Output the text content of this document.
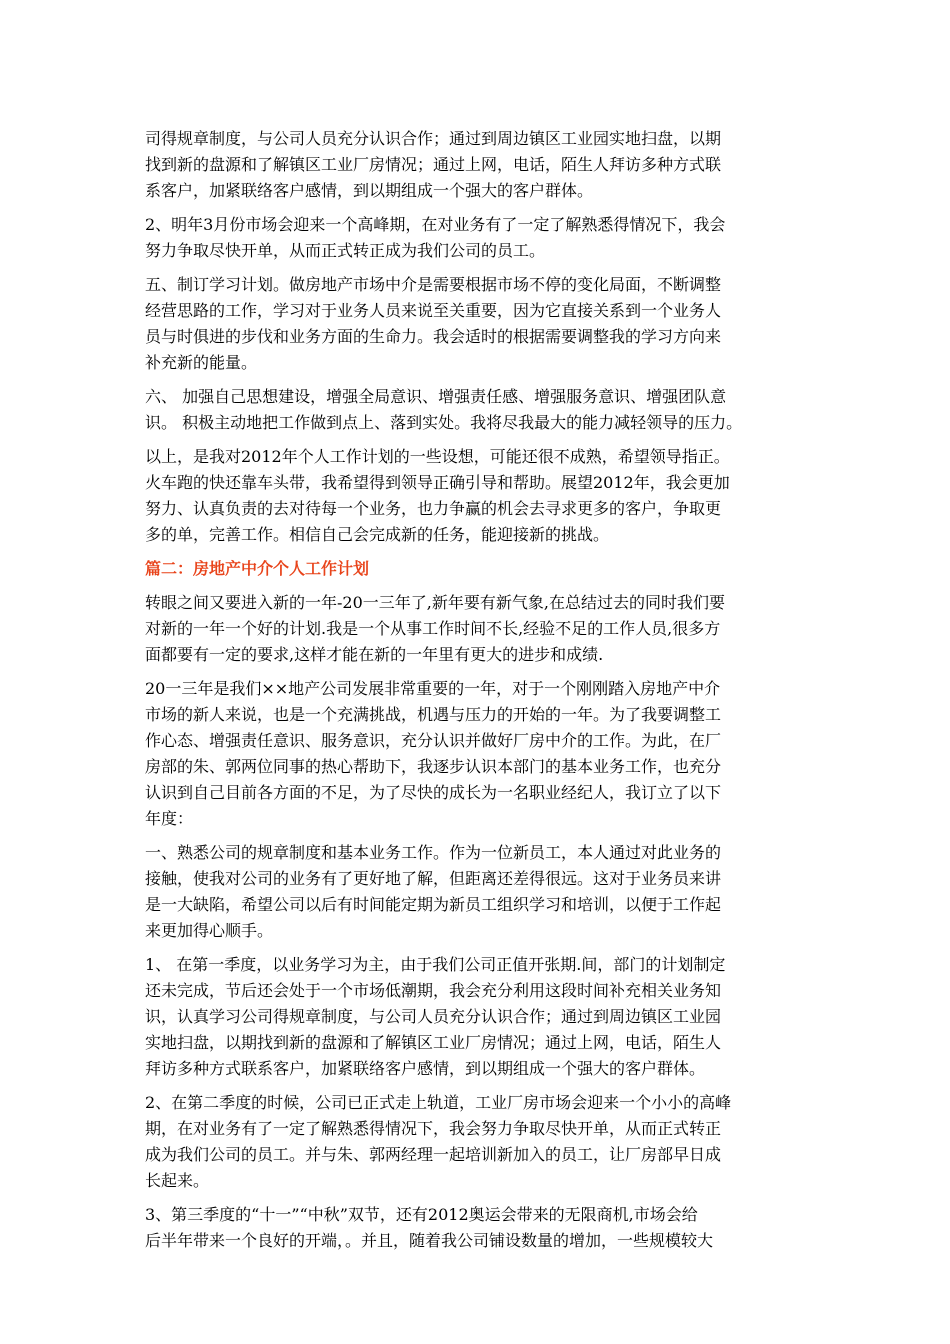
司得规章制度，与公司人员充分认识合作；通过到周边镇区工业园实地扫盘，以期
找到新的盘源和了解镇区工业厂房情况；通过上网，电话，陌生人拜访多种方式联
系客户，加紧联络客户感情，到以期组成一个强大的客户群体。
2、明年3月份市场会迎来一个高峰期，在对业务有了一定了解熟悉得情况下，我会
努力争取尽快开单，从而正式转正成为我们公司的员工。
五、制订学习计划。做房地产市场中介是需要根据市场不停的变化局面，不断调整
经营思路的工作，学习对于业务人员来说至关重要，因为它直接关系到一个业务人
员与时俱进的步伐和业务方面的生命力。我会适时的根据需要调整我的学习方向来
补充新的能量。
六、 加强自己思想建设，增强全局意识、增强责任感、增强服务意识、增强团队意
识。 积极主动地把工作做到点上、落到实处。我将尽我最大的能力减轻领导的压力。
以上，是我对2012年个人工作计划的一些设想，可能还很不成熟，希望领导指正。
火车跑的快还靠车头带，我希望得到领导正确引导和帮助。展望2012年，我会更加
努力、认真负责的去对待每一个业务，也力争赢的机会去寻求更多的客户，争取更
多的单，完善工作。相信自己会完成新的任务，能迎接新的挑战。
篇二：房地产中介个人工作计划
转眼之间又要进入新的一年-20一三年了,新年要有新气象,在总结过去的同时我们要
对新的一年一个好的计划.我是一个从事工作时间不长,经验不足的工作人员,很多方
面都要有一定的要求,这样才能在新的一年里有更大的进步和成绩.
20一三年是我们××地产公司发展非常重要的一年，对于一个刚刚踏入房地产中介
市场的新人来说，也是一个充满挑战，机遇与压力的开始的一年。为了我要调整工
作心态、增强责任意识、服务意识，充分认识并做好厂房中介的工作。为此，在厂
房部的朱、郭两位同事的热心帮助下，我逐步认识本部门的基本业务工作，也充分
认识到自己目前各方面的不足，为了尽快的成长为一名职业经纪人，我订立了以下
年度：
一、熟悉公司的规章制度和基本业务工作。作为一位新员工，本人通过对此业务的
接触，使我对公司的业务有了更好地了解，但距离还差得很远。这对于业务员来讲
是一大缺陷，希望公司以后有时间能定期为新员工组织学习和培训，以便于工作起
来更加得心顺手。
1、 在第一季度，以业务学习为主，由于我们公司正值开张期.间，部门的计划制定
还未完成，节后还会处于一个市场低潮期，我会充分利用这段时间补充相关业务知
识，认真学习公司得规章制度，与公司人员充分认识合作；通过到周边镇区工业园
实地扫盘，以期找到新的盘源和了解镇区工业厂房情况；通过上网，电话，陌生人
拜访多种方式联系客户，加紧联络客户感情，到以期组成一个强大的客户群体。
2、在第二季度的时候，公司已正式走上轨道，工业厂房市场会迎来一个小小的高峰
期，在对业务有了一定了解熟悉得情况下，我会努力争取尽快开单，从而正式转正
成为我们公司的员工。并与朱、郭两经理一起培训新加入的员工，让厂房部早日成
长起来。
3、第三季度的“十一”“中秋”双节，还有2012奥运会带来的无限商机,市场会给
后半年带来一个良好的开端，。并且，随着我公司铺设数量的增加，一些规模较大
